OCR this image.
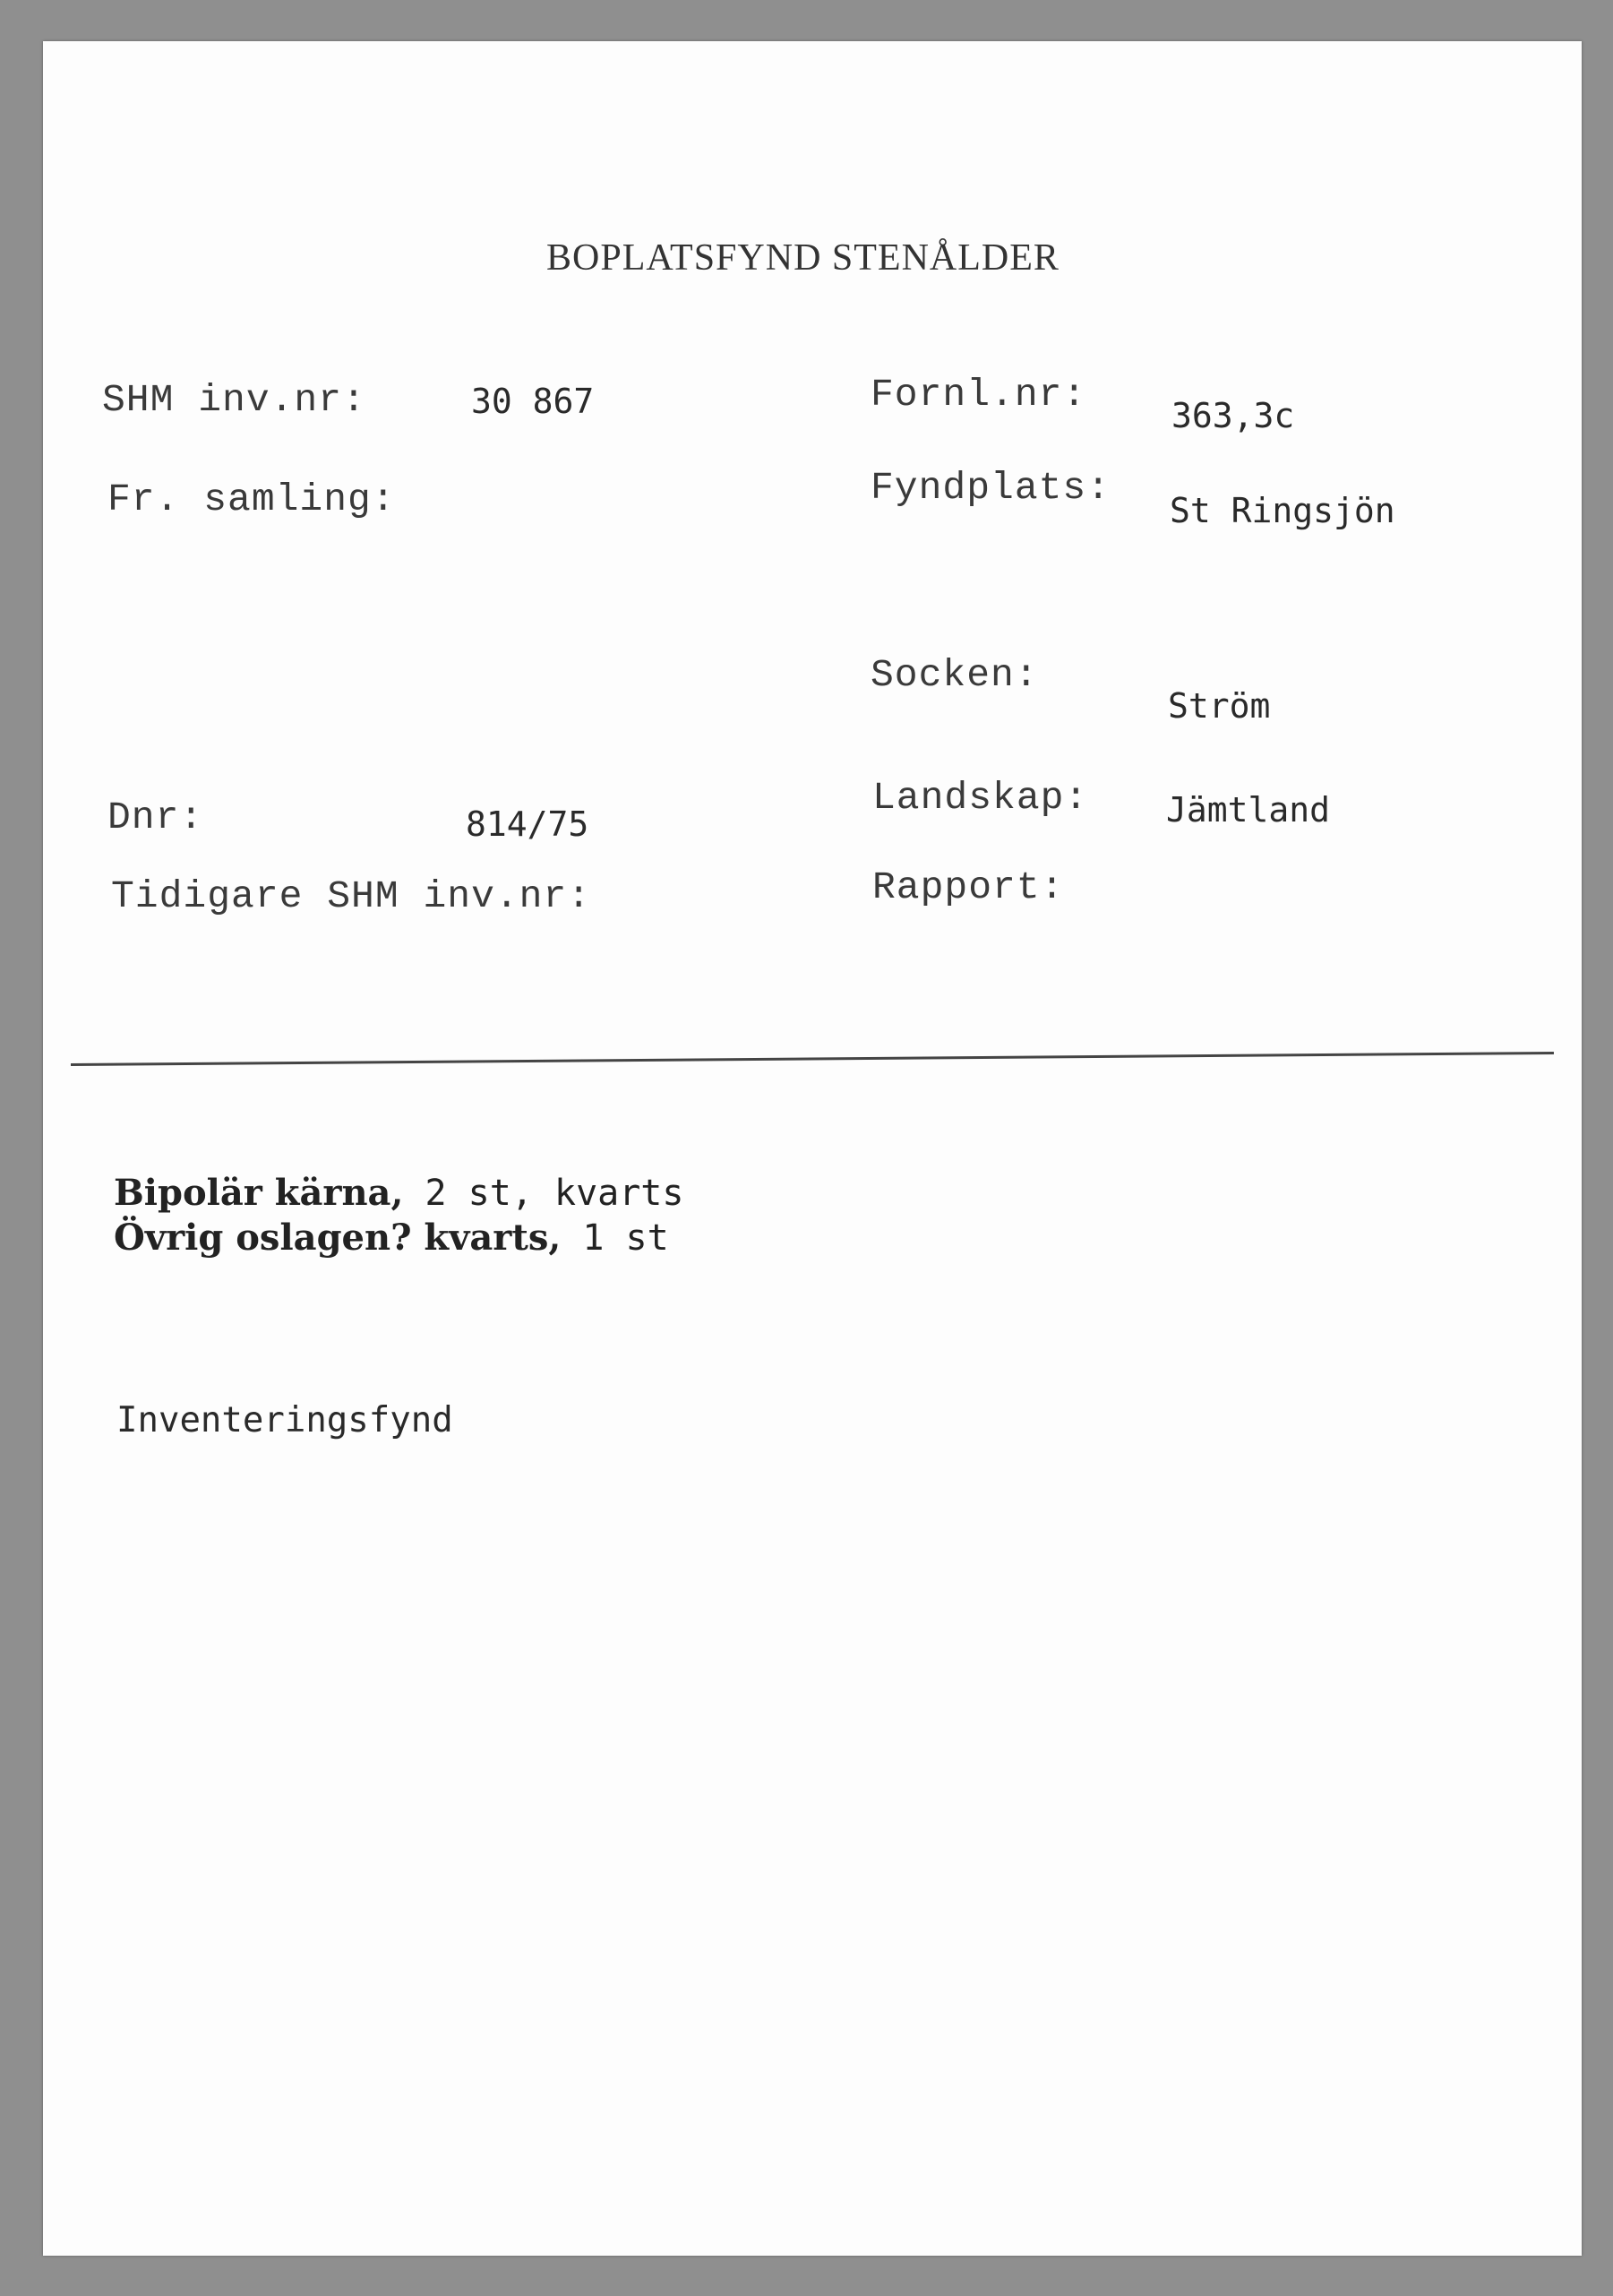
BOPLATSFYND STENÅLDER
SHM inv.nr:	30 867
Fr. samling:
Dnr:	814/75
Tidigare SHM inv.nr:
Fornl.nr: 363,3c
Fyndplats:
St Ringsjön
Socken:
Ström
Landskap: Jämtland
Rapport:
Bipolär kärna, 2 st, kvarts
Övrig oslagen? kvarts, 1 st
Inventeringsfynd
